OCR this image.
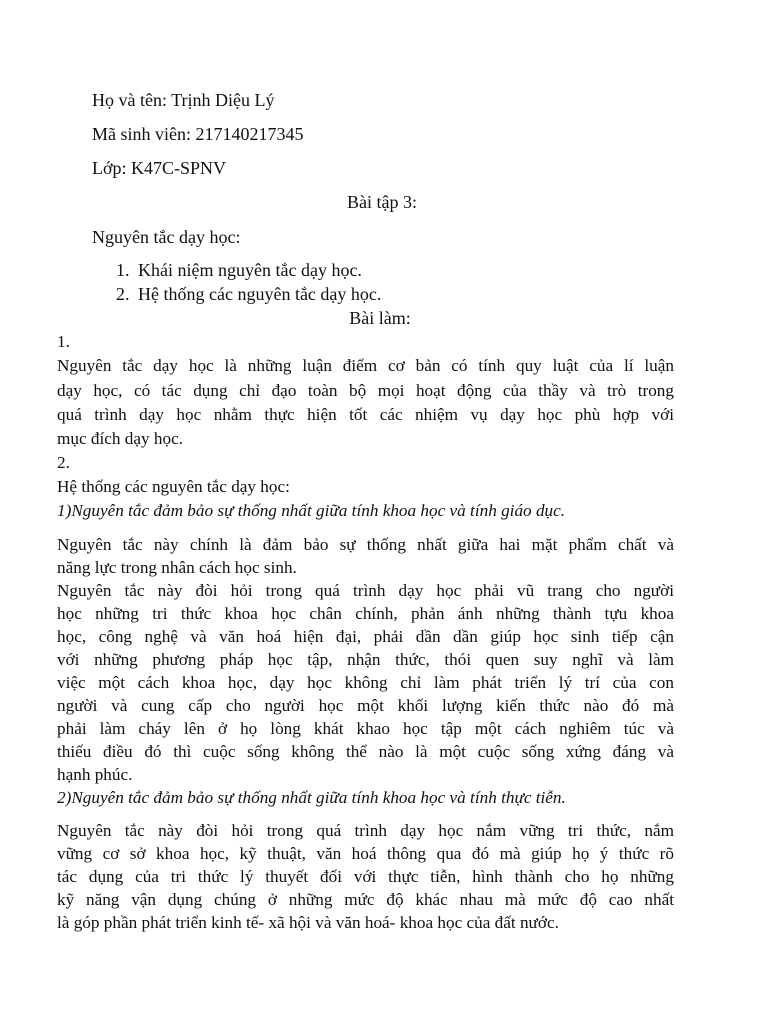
Họ và tên: Trịnh Diệu Lý
Mã sinh viên: 217140217345
Lớp: K47C-SPNV
Bài tập 3:
Nguyên tắc dạy học:
1. Khái niệm nguyên tắc dạy học.
2. Hệ thống các nguyên tắc dạy học.
Bài làm:
1.
Nguyên tắc dạy học là những luận điểm cơ bản có tính quy luật của lí luận
dạy học, có tác dụng chỉ đạo toàn bộ mọi hoạt động của thầy và trò trong
quá trình dạy học nhằm thực hiện tốt các nhiệm vụ dạy học phù hợp với
mục đích dạy học.
2.
Hệ thống các nguyên tắc dạy học:
1)Nguyên tắc đảm bảo sự thống nhất giữa tính khoa học và tính giáo dục.
Nguyên tắc này chính là đảm bảo sự thống nhất giữa hai mặt phẩm chất và
năng lực trong nhân cách học sinh.
Nguyên tắc này đòi hỏi trong quá trình dạy học phải vũ trang cho người
học những tri thức khoa học chân chính, phản ánh những thành tựu khoa
học, công nghệ và văn hoá hiện đại, phải dần dần giúp học sinh tiếp cận
với những phương pháp học tập, nhận thức, thói quen suy nghĩ và làm
việc một cách khoa học, dạy học không chỉ làm phát triển lý trí của con
người và cung cấp cho người học một khối lượng kiến thức nào đó mà
phải làm cháy lên ở họ lòng khát khao học tập một cách nghiêm túc và
thiếu điều đó thì cuộc sống không thể nào là một cuộc sống xứng đáng và
hạnh phúc.
2)Nguyên tắc đảm bảo sự thống nhất giữa tính khoa học và tính thực tiễn.
Nguyên tắc này đòi hỏi trong quá trình dạy học nắm vững tri thức, nắm
vững cơ sở khoa học, kỹ thuật, văn hoá thông qua đó mà giúp họ ý thức rõ
tác dụng của tri thức lý thuyết đối với thực tiễn, hình thành cho họ những
kỹ năng vận dụng chúng ở những mức độ khác nhau mà mức độ cao nhất
là góp phần phát triển kinh tế- xã hội và văn hoá- khoa học của đất nước.
